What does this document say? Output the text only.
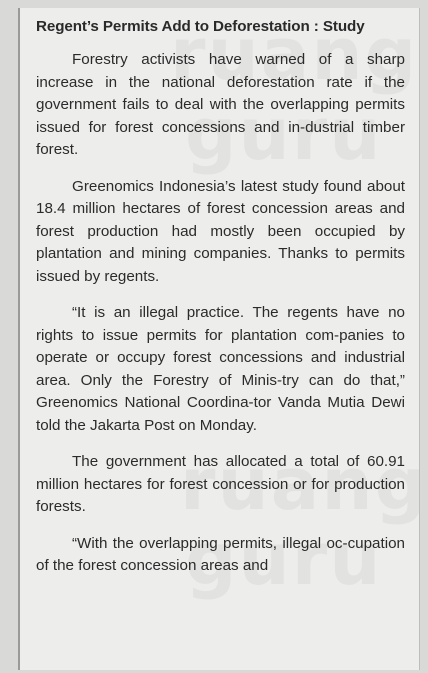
Regent’s Permits Add to Deforestation : Study

Forestry activists have warned of a sharp increase in the national deforestation rate if the government fails to deal with the overlapping permits issued for forest concessions and in-dustrial timber forest.

Greenomics Indonesia’s latest study found about 18.4 million hectares of forest concession areas and forest production had mostly been occupied by plantation and mining companies. Thanks to permits issued by regents.

“It is an illegal practice. The regents have no rights to issue permits for plantation com-panies to operate or occupy forest concessions and industrial area. Only the Forestry of Minis-try can do that,” Greenomics National Coordina-tor Vanda Mutia Dewi told the Jakarta Post on Monday.

The government has allocated a total of 60.91 million hectares for forest concession or for production forests.

“With the overlapping permits, illegal oc-cupation of the forest concession areas and
